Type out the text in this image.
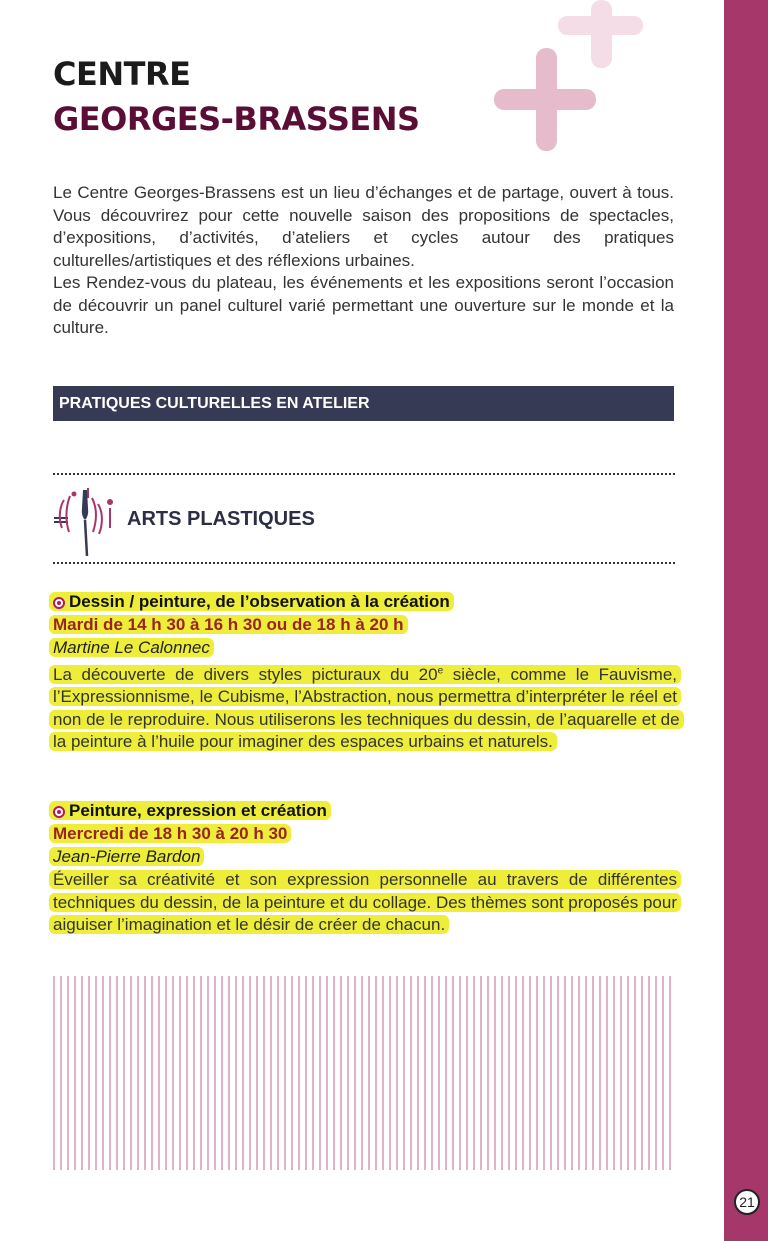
21
CENTRE
GEORGES-BRASSENS

Le Centre Georges-Brassens est un lieu d’échanges et de partage, ouvert à tous. Vous découvrirez pour cette nouvelle saison des propositions de spectacles, d’expositions, d’activités, d’ateliers et cycles autour des pratiques culturelles/artistiques et des réflexions urbaines.

Les Rendez-vous du plateau, les événements et les expositions seront l’occasion de découvrir un panel culturel varié permettant une ouverture sur le monde et la culture.

PRATIQUES CULTURELLES EN ATELIER
ARTS PLASTIQUES
Dessin / peinture, de l’observation à la création
Mardi de 14 h 30 à 16 h 30 ou de 18 h à 20 h
Martine Le Calonnec

La découverte de divers styles picturaux du 20e siècle, comme le Fauvisme, l’Expressionnisme, le Cubisme, l’Abstraction, nous permettra d’interpréter le réel et non de le reproduire. Nous utiliserons les techniques du dessin, de l’aquarelle et de la peinture à l’huile pour imaginer des espaces urbains et naturels.

Peinture, expression et création
Mercredi de 18 h 30 à 20 h 30
Jean-Pierre Bardon

Éveiller sa créativité et son expression personnelle au travers de différentes techniques du dessin, de la peinture et du collage. Des thèmes sont proposés pour aiguiser l’imagination et le désir de créer de chacun.
